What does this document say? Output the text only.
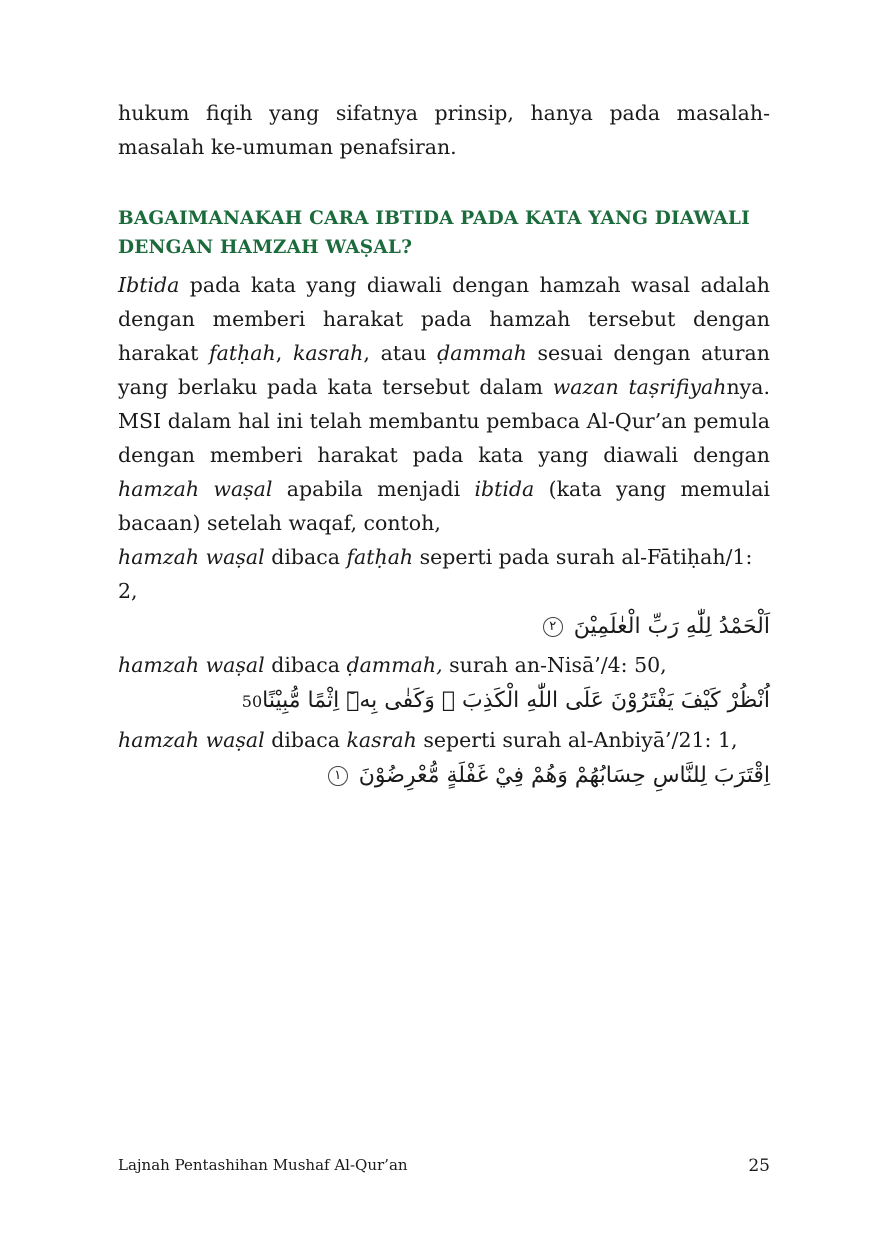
hukum fiqih yang sifatnya prinsip, hanya pada masalah-masalah ke-umuman penafsiran.

BAGAIMANAKAH CARA IBTIDA PADA KATA YANG DIAWALI
DENGAN HAMZAH WAṢAL?

Ibtida pada kata yang diawali dengan hamzah wasal adalah dengan memberi harakat pada hamzah tersebut dengan harakat fatḥah, kasrah, atau ḍammah sesuai dengan aturan yang berlaku pada kata tersebut dalam wazan taṣrifiyahnya. MSI dalam hal ini telah membantu pembaca Al-Qur’an pemula dengan memberi harakat pada kata yang diawali dengan hamzah waṣal apabila menjadi ibtida (kata yang memulai bacaan) setelah waqaf, contoh,

hamzah waṣal dibaca fatḥah seperti pada surah al-Fātiḥah/1: 2,
اَلْحَمْدُ لِلّٰهِ رَبِّ الْعٰلَمِيْنَ ٢
hamzah waṣal dibaca ḍammah, surah an-Nisā’/4: 50,
اُنْظُرْ كَيْفَ يَفْتَرُوْنَ عَلَى اللّٰهِ الْكَذِبَ ۗ وَكَفٰى بِهٖٓ اِثْمًا مُّبِيْنًا50
hamzah waṣal dibaca kasrah seperti surah al-Anbiyā’/21: 1,
اِقْتَرَبَ لِلنَّاسِ حِسَابُهُمْ وَهُمْ فِيْ غَفْلَةٍ مُّعْرِضُوْنَ ١
Lajnah Pentashihan Mushaf Al-Qur’an	25
